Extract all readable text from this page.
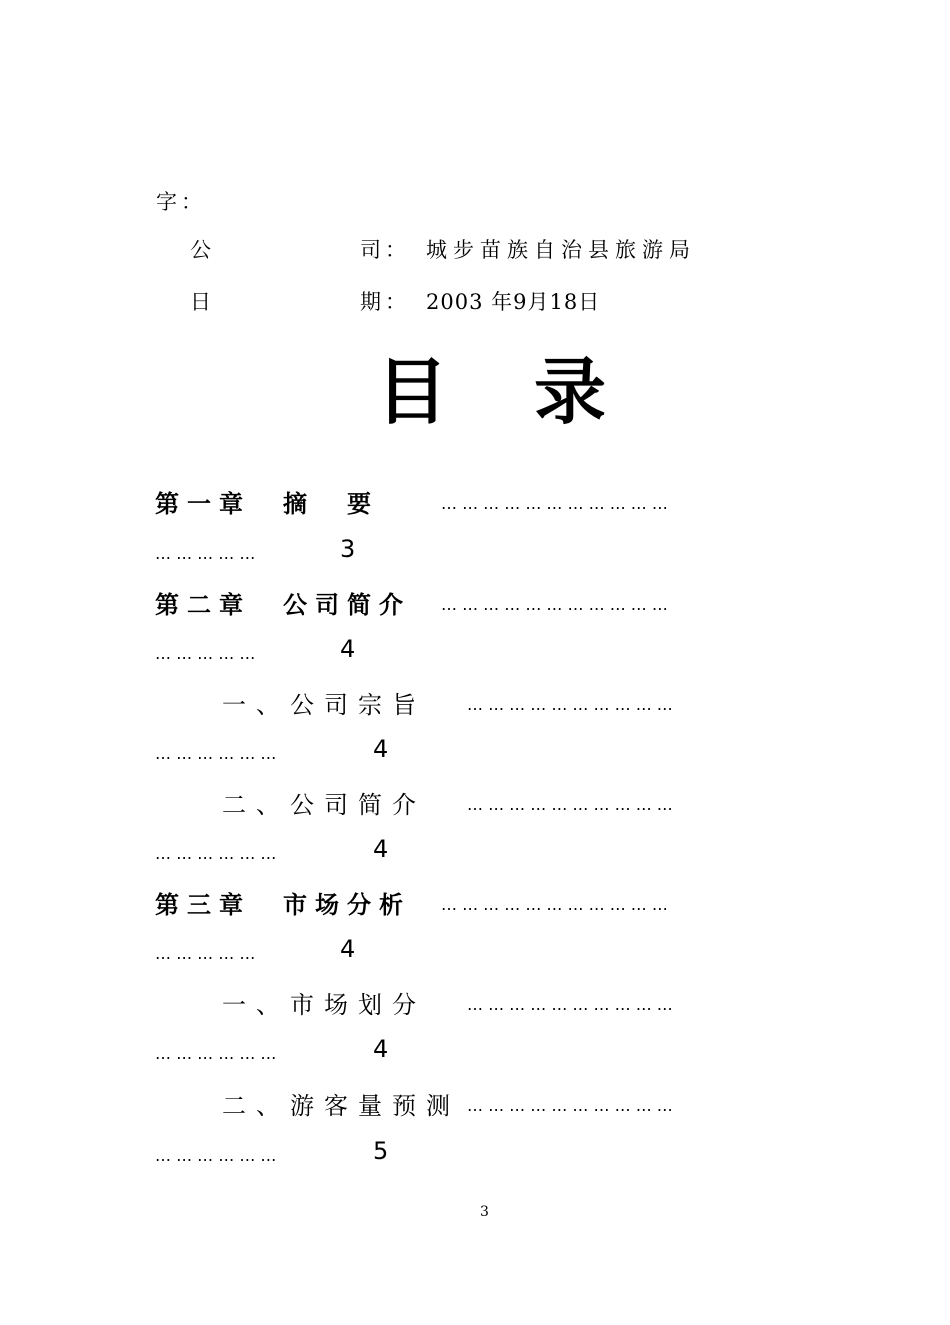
字：
公	司： 城步苗族自治县旅游局
日	期： 2003 年9月18日
目录
第一章　摘　要	… … … … … … … … … … …
… … … … …	3
第二章　公司简介 … … … … … … … … … … …
… … … … …	4
一、公司宗旨	… … … … … … … … … …
… … … … … …	4
二、公司简介	… … … … … … … … … …
… … … … … …	4
第三章　市场分析 … … … … … … … … … … …
… … … … …	4
一、市场划分	… … … … … … … … … …
… … … … … …	4
二、游客量预测 … … … … … … … … … …
… … … … … …	5
3
